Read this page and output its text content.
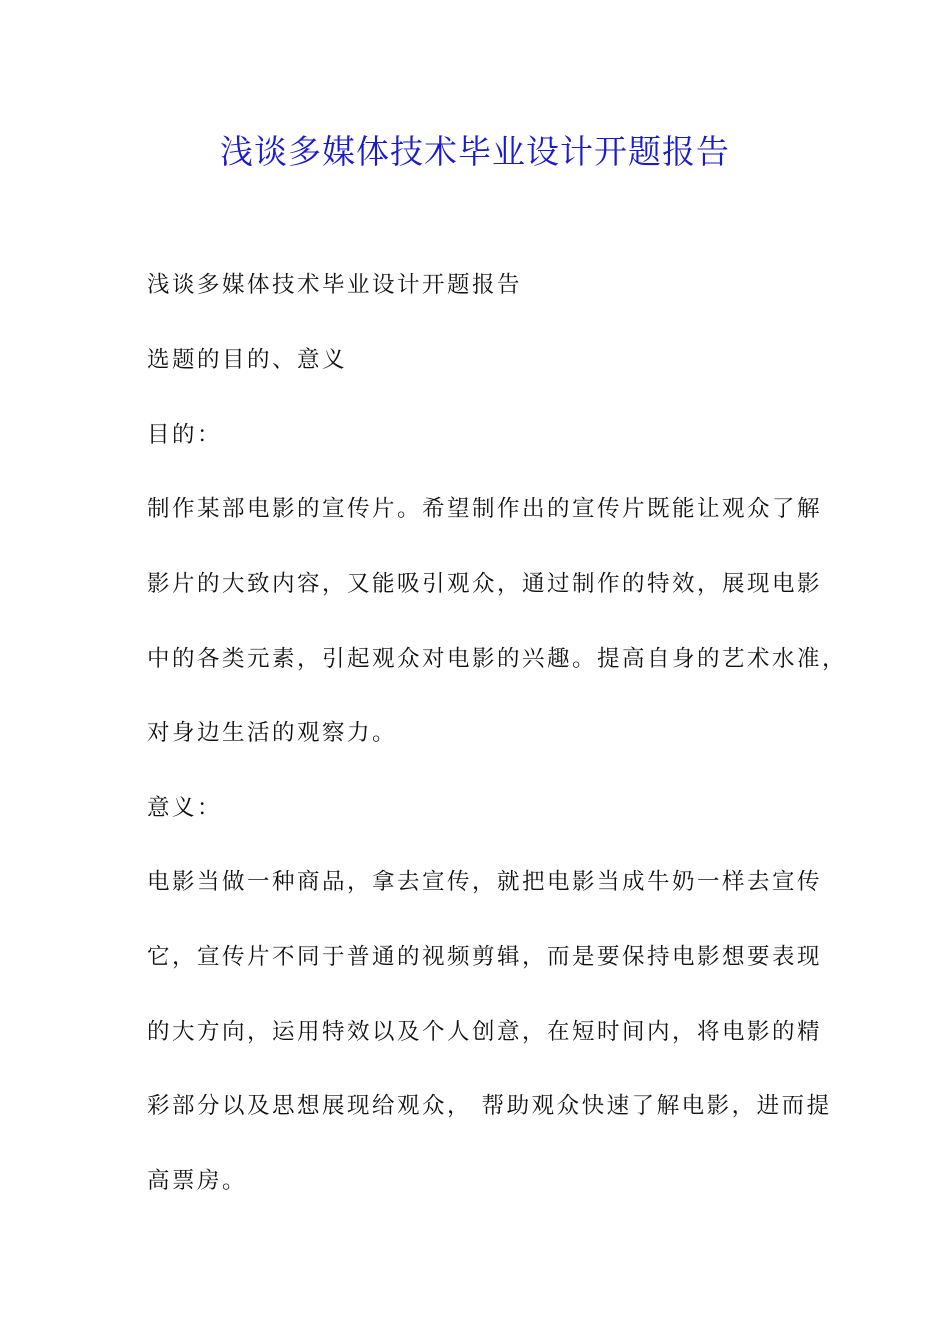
浅谈多媒体技术毕业设计开题报告
浅谈多媒体技术毕业设计开题报告
选题的目的、意义
目的：
制作某部电影的宣传片。希望制作出的宣传片既能让观众了解
影片的大致内容，又能吸引观众，通过制作的特效，展现电影
中的各类元素，引起观众对电影的兴趣。提高自身的艺术水准，
对身边生活的观察力。
意义：
电影当做一种商品，拿去宣传，就把电影当成牛奶一样去宣传
它，宣传片不同于普通的视频剪辑，而是要保持电影想要表现
的大方向，运用特效以及个人创意，在短时间内，将电影的精
彩部分以及思想展现给观众， 帮助观众快速了解电影，进而提
高票房。
